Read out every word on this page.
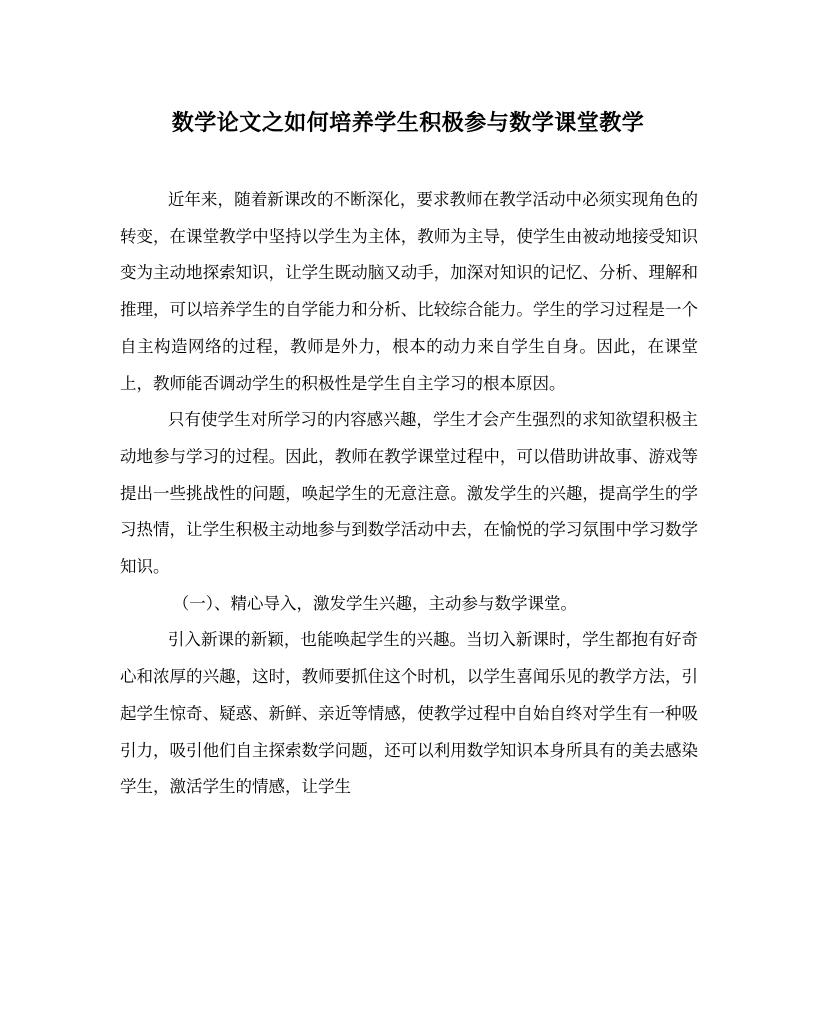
数学论文之如何培养学生积极参与数学课堂教学

近年来，随着新课改的不断深化，要求教师在教学活动中必须实现角色的转变，在课堂教学中坚持以学生为主体，教师为主导，使学生由被动地接受知识变为主动地探索知识，让学生既动脑又动手，加深对知识的记忆、分析、理解和推理，可以培养学生的自学能力和分析、比较综合能力。学生的学习过程是一个自主构造网络的过程，教师是外力，根本的动力来自学生自身。因此，在课堂上，教师能否调动学生的积极性是学生自主学习的根本原因。

只有使学生对所学习的内容感兴趣，学生才会产生强烈的求知欲望积极主动地参与学习的过程。因此，教师在教学课堂过程中，可以借助讲故事、游戏等提出一些挑战性的问题，唤起学生的无意注意。激发学生的兴趣，提高学生的学习热情，让学生积极主动地参与到数学活动中去，在愉悦的学习氛围中学习数学知识。

（一）、精心导入，激发学生兴趣，主动参与数学课堂。

引入新课的新颖，也能唤起学生的兴趣。当切入新课时，学生都抱有好奇心和浓厚的兴趣，这时，教师要抓住这个时机，以学生喜闻乐见的教学方法，引起学生惊奇、疑惑、新鲜、亲近等情感，使教学过程中自始自终对学生有一种吸引力，吸引他们自主探索数学问题，还可以利用数学知识本身所具有的美去感染学生，激活学生的情感，让学生
